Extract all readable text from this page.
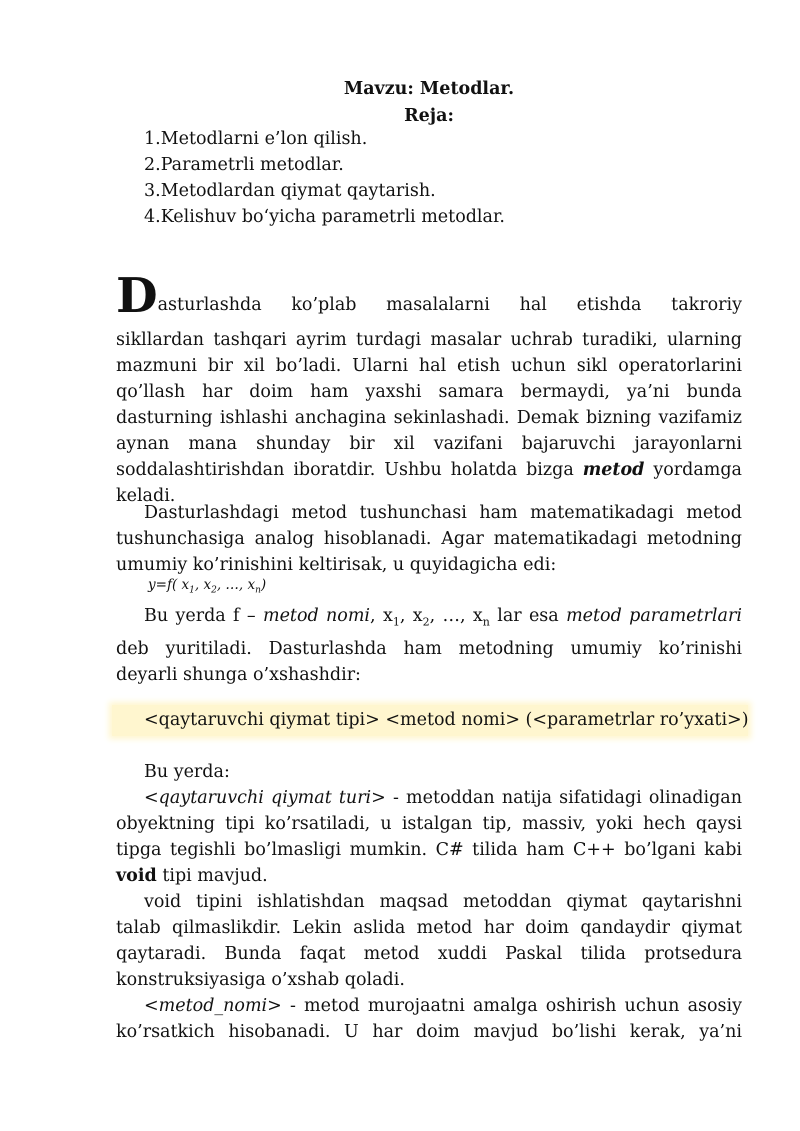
Mavzu: Metodlar.
Reja:
1.Metodlarni e’lon qilish.
2.Parametrli metodlar.
3.Metodlardan qiymat qaytarish.
4.Kelishuv bo‘yicha parametrli metodlar.

Dasturlashda ko’plab masalalarni hal etishda takroriy

sikllardan tashqari ayrim turdagi masalar uchrab turadiki, ularning

mazmuni bir xil bo’ladi. Ularni hal etish uchun sikl operatorlarini

qo’llash har doim ham yaxshi samara bermaydi, ya’ni bunda

dasturning ishlashi anchagina sekinlashadi. Demak bizning vazifamiz

aynan mana shunday bir xil vazifani bajaruvchi jarayonlarni

soddalashtirishdan iboratdir. Ushbu holatda bizga metod yordamga

keladi.

Dasturlashdagi metod tushunchasi ham matematikadagi metod

tushunchasiga analog hisoblanadi. Agar matematikadagi metodning

umumiy ko’rinishini keltirisak, u quyidagicha edi:

y=f( $x_1$, $x_2$, …, $x_n$)

Bu yerda f – metod nomi, $x_1$, $x_2$, …, $x_n$ lar esa metod parametrlari

deb yuritiladi. Dasturlashda ham metodning umumiy ko’rinishi

deyarli shunga o’xshashdir:

<qaytaruvchi qiymat tipi> <metod nomi> (<parametrlar ro’yxati>)

Bu yerda:

<qaytaruvchi qiymat turi> - metoddan natija sifatidagi olinadigan

obyektning tipi ko’rsatiladi, u istalgan tip, massiv, yoki hech qaysi

tipga tegishli bo’lmasligi mumkin. C# tilida ham C++ bo’lgani kabi

void tipi mavjud.

void tipini ishlatishdan maqsad metoddan qiymat qaytarishni

talab qilmaslikdir. Lekin aslida metod har doim qandaydir qiymat

qaytaradi. Bunda faqat metod xuddi Paskal tilida protsedura

konstruksiyasiga o’xshab qoladi.

<metod_nomi> - metod murojaatni amalga oshirish uchun asosiy

ko’rsatkich hisobanadi. U har doim mavjud bo’lishi kerak, ya’ni
